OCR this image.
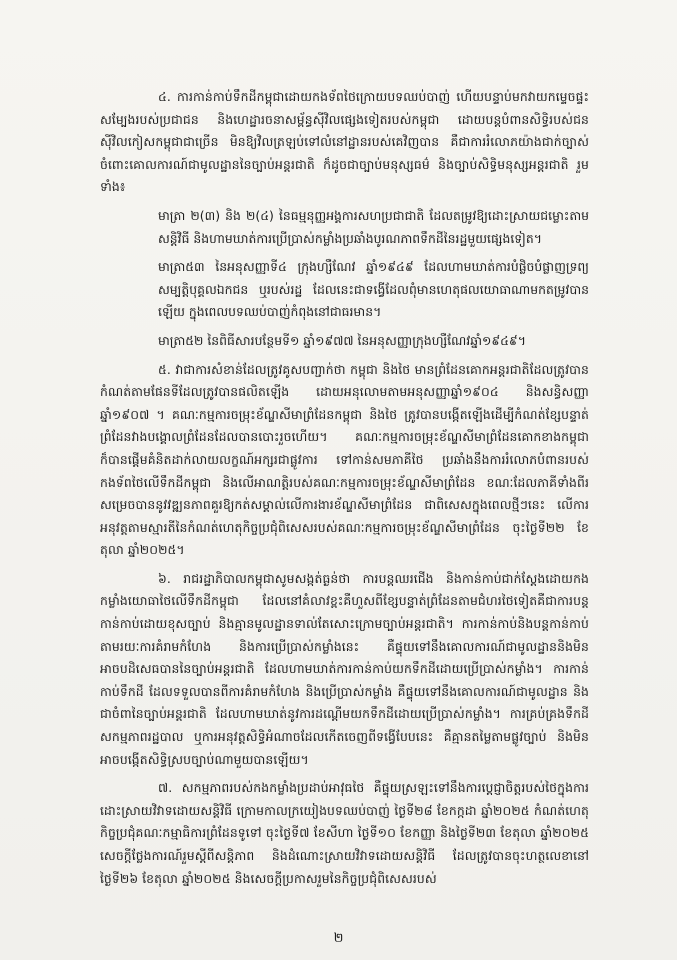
៤. ការកាន់កាប់ទឹកដីកម្ពុជាដោយកងទ័ពថៃក្រោយបទឈប់បាញ់ ហើយបន្ទាប់មកវាយកម្ទេចផ្ទះសម្បែងរបស់ប្រជាជន និងហេដ្ឋារចនាសម្ព័ន្ធស៊ីវិលផ្សេងទៀតរបស់កម្ពុជា ដោយបន្តបំពានសិទ្ធិរបស់ជនស៊ីវិលកៀសកម្ពុជាជាច្រើន មិនឱ្យវិលត្រឡប់ទៅលំនៅដ្ឋានរបស់គេវិញបាន គឺជាការរំលោភយ៉ាងជាក់ច្បាស់ចំពោះគោលការណ៍ជាមូលដ្ឋាននៃច្បាប់អន្តរជាតិ ក៏ដូចជាច្បាប់មនុស្សធម៌ និងច្បាប់សិទ្ធិមនុស្សអន្តរជាតិ រួមទាំង៖

មាត្រា ២(៣) និង ២(៤) នៃធម្មនុញ្ញអង្គការសហប្រជាជាតិ ដែលតម្រូវឱ្យដោះស្រាយជម្លោះតាមសន្តិវិធី និងហាមឃាត់ការប្រើប្រាស់កម្លាំងប្រឆាំងបូរណភាពទឹកដីនៃរដ្ឋមួយផ្សេងទៀត។

មាត្រា៥៣ នៃអនុសញ្ញាទី៤ ក្រុងហ្សឺណែវ ឆ្នាំ១៩៤៩ ដែលហាមឃាត់ការបំផ្លិចបំផ្លាញទ្រព្យសម្បត្តិបុគ្គលឯកជន ឬរបស់រដ្ឋ ដែលនេះជាទង្វើដែលពុំមានហេតុផលយោធាណាមកតម្រូវបានឡើយ ក្នុងពេលបទឈប់បាញ់កំពុងនៅជាធរមាន។

មាត្រា៥២ នៃពិធីសារបន្ថែមទី១ ឆ្នាំ១៩៧៧ នៃអនុសញ្ញាក្រុងហ្សឺណែវឆ្នាំ១៩៤៩។

៥. វាជាការសំខាន់ដែលត្រូវគូសបញ្ជាក់ថា កម្ពុជា និងថៃ មានព្រំដែនគោកអន្តរជាតិដែលត្រូវបានកំណត់តាមផែនទីដែលត្រូវបានផលិតឡើង ដោយអនុលោមតាមអនុសញ្ញាឆ្នាំ១៩០៤ និងសន្ធិសញ្ញាឆ្នាំ១៩០៧ ។ គណៈកម្មការចម្រុះខ័ណ្ឌសីមាព្រំដែនកម្ពុជា និងថៃ ត្រូវបានបង្កើតឡើងដើម្បីកំណត់ខ្សែបន្ទាត់ព្រំដែនវាងបង្គោលព្រំដែនដែលបានបោះរួចហើយ។ គណៈកម្មការចម្រុះខ័ណ្ឌសីមាព្រំដែនគោកខាងកម្ពុជាក៏បានផ្ដើមគំនិតដាក់លាយលក្ខណ៍អក្សរជាផ្លូវការ ទៅកាន់សមភាគីថៃ ប្រឆាំងនឹងការរំលោភបំពានរបស់កងទ័ពថៃលើទឹកដីកម្ពុជា និងលើអាណត្តិរបស់គណៈកម្មការចម្រុះខ័ណ្ឌសីមាព្រំដែន ខណៈដែលភាគីទាំងពីរសម្រេចបាននូវវឌ្ឍនភាពគួរឱ្យកត់សម្គាល់លើការងារខ័ណ្ឌសីមាព្រំដែន ជាពិសេសក្នុងពេលថ្មីៗនេះ លើការអនុវត្តតាមស្មារតីនៃកំណត់ហេតុកិច្ចប្រជុំពិសេសរបស់គណៈកម្មការចម្រុះខ័ណ្ឌសីមាព្រំដែន ចុះថ្ងៃទី២២ ខែតុលា ឆ្នាំ២០២៥។

៦. រាជរដ្ឋាភិបាលកម្ពុជាសូមសង្កត់ធ្ងន់ថា ការបន្តឈរជើង និងកាន់កាប់ជាក់ស្ដែងដោយកងកម្លាំងយោធាថៃលើទឹកដីកម្ពុជា ដែលនៅគំលាវខ្ពះគឺហួសពីខ្សែបន្ទាត់ព្រំដែនតាមជំហរថៃទៀតគឺជាការបន្តកាន់កាប់ដោយខុសច្បាប់ និងគ្មានមូលដ្ឋានទាល់តែសោះក្រោមច្បាប់អន្តរជាតិ។ ការកាន់កាប់និងបន្តកាន់កាប់ តាមរយៈការគំរាមកំហែង និងការប្រើប្រាស់កម្លាំងនេះ គឺផ្ទុយទៅនឹងគោលការណ៍ជាមូលដ្ឋាននិងមិនអាចបដិសេធបាននៃច្បាប់អន្តរជាតិ ដែលហាមឃាត់ការកាន់កាប់យកទឹកដីដោយប្រើប្រាស់កម្លាំង។ ការកាន់កាប់ទឹកដី ដែលទទួលបានពីការគំរាមកំហែង និងប្រើប្រាស់កម្លាំង គឺផ្ទុយទៅនឹងគោលការណ៍ជាមូលដ្ឋាន និងជាចំពានៃច្បាប់អន្តរជាតិ ដែលហាមឃាត់នូវការដណ្ដើមយកទឹកដីដោយប្រើប្រាស់កម្លាំង។ ការគ្រប់គ្រងទឹកដី សកម្មភាពរដ្ឋបាល ឬការអនុវត្តសិទ្ធិអំណាចដែលកើតចេញពីទង្វើបែបនេះ គឺគ្មានតម្លៃតាមផ្លូវច្បាប់ និងមិនអាចបង្កើតសិទ្ធិស្របច្បាប់ណាមួយបានឡើយ។

៧. សកម្មភាពរបស់កងកម្លាំងប្រដាប់អាវុធថៃ គឺផ្ទុយស្រឡះទៅនឹងការប្ដេជ្ញាចិត្តរបស់ថៃក្នុងការដោះស្រាយវិវាទដោយសន្តិវិធី ក្រោមកាលក្រយៀងបទឈប់បាញ់ ថ្ងៃទី២៨ ខែកក្កដា ឆ្នាំ២០២៥ កំណត់ហេតុកិច្ចប្រជុំគណៈកម្មាធិការព្រំដែនទូទៅ ចុះថ្ងៃទី៧ ខែសីហា ថ្ងៃទី១០ ខែកញ្ញា និងថ្ងៃទី២៣ ខែតុលា ឆ្នាំ២០២៥ សេចក្ដីថ្លែងការណ៍រួមស្ដីពីសន្តិភាព និងដំណោះស្រាយវិវាទដោយសន្តិវិធី ដែលត្រូវបានចុះហត្ថលេខានៅថ្ងៃទី២៦ ខែតុលា ឆ្នាំ២០២៥ និងសេចក្ដីប្រកាសរួមនៃកិច្ចប្រជុំពិសេសរបស់

២
